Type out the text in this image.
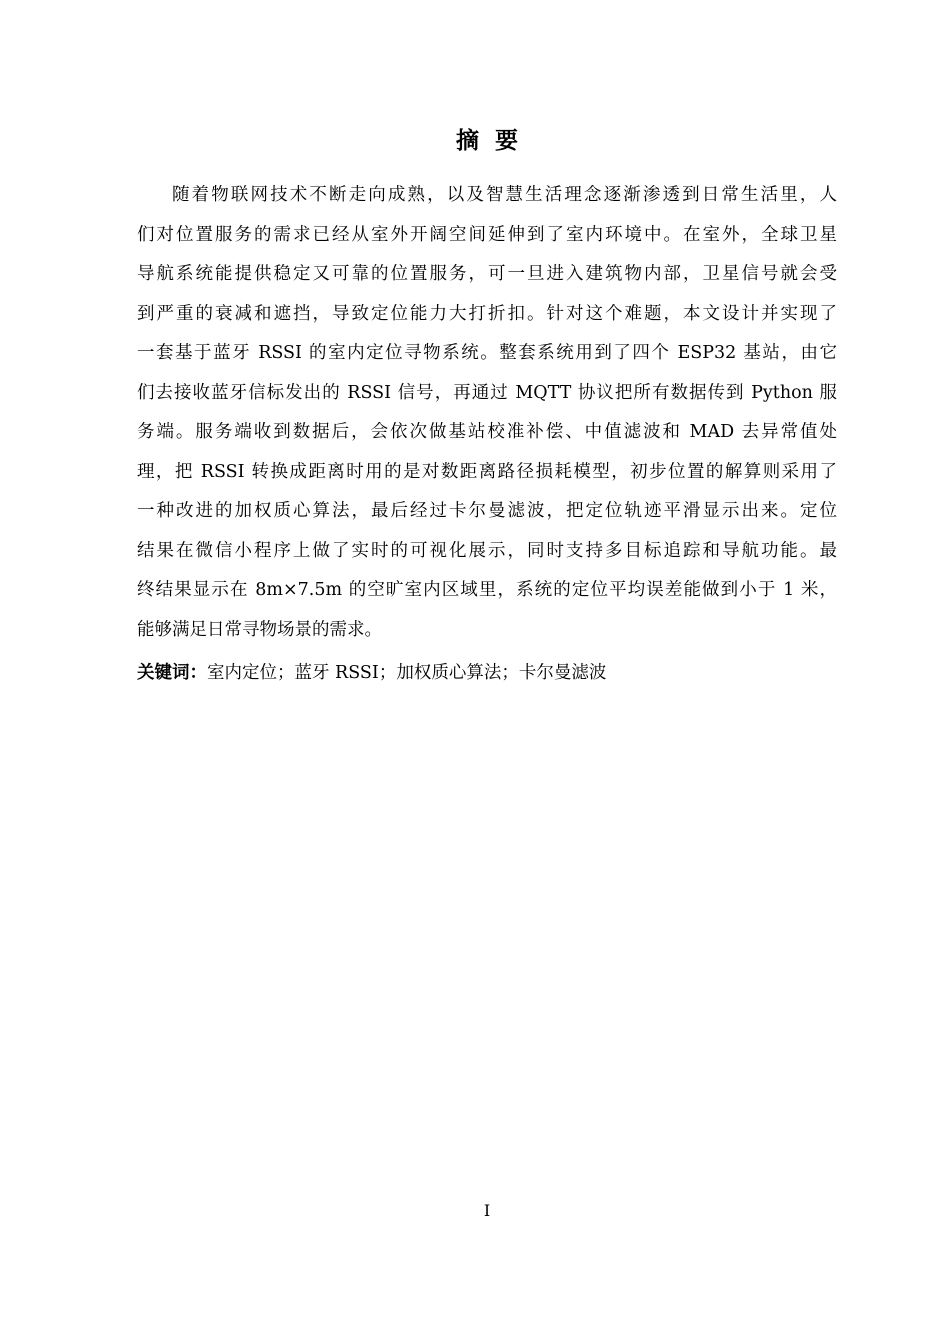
摘  要
随着物联网技术不断走向成熟，以及智慧生活理念逐渐渗透到日常生活里，人
们对位置服务的需求已经从室外开阔空间延伸到了室内环境中。在室外，全球卫星
导航系统能提供稳定又可靠的位置服务，可一旦进入建筑物内部，卫星信号就会受
到严重的衰减和遮挡，导致定位能力大打折扣。针对这个难题，本文设计并实现了
一套基于蓝牙 RSSI 的室内定位寻物系统。整套系统用到了四个 ESP32 基站，由它
们去接收蓝牙信标发出的 RSSI 信号，再通过 MQTT 协议把所有数据传到 Python 服
务端。服务端收到数据后，会依次做基站校准补偿、中值滤波和 MAD 去异常值处
理，把 RSSI 转换成距离时用的是对数距离路径损耗模型，初步位置的解算则采用了
一种改进的加权质心算法，最后经过卡尔曼滤波，把定位轨迹平滑显示出来。定位
结果在微信小程序上做了实时的可视化展示，同时支持多目标追踪和导航功能。最
终结果显示在 8m×7.5m 的空旷室内区域里，系统的定位平均误差能做到小于 1 米，
能够满足日常寻物场景的需求。
关键词：室内定位；蓝牙 RSSI；加权质心算法；卡尔曼滤波
I
